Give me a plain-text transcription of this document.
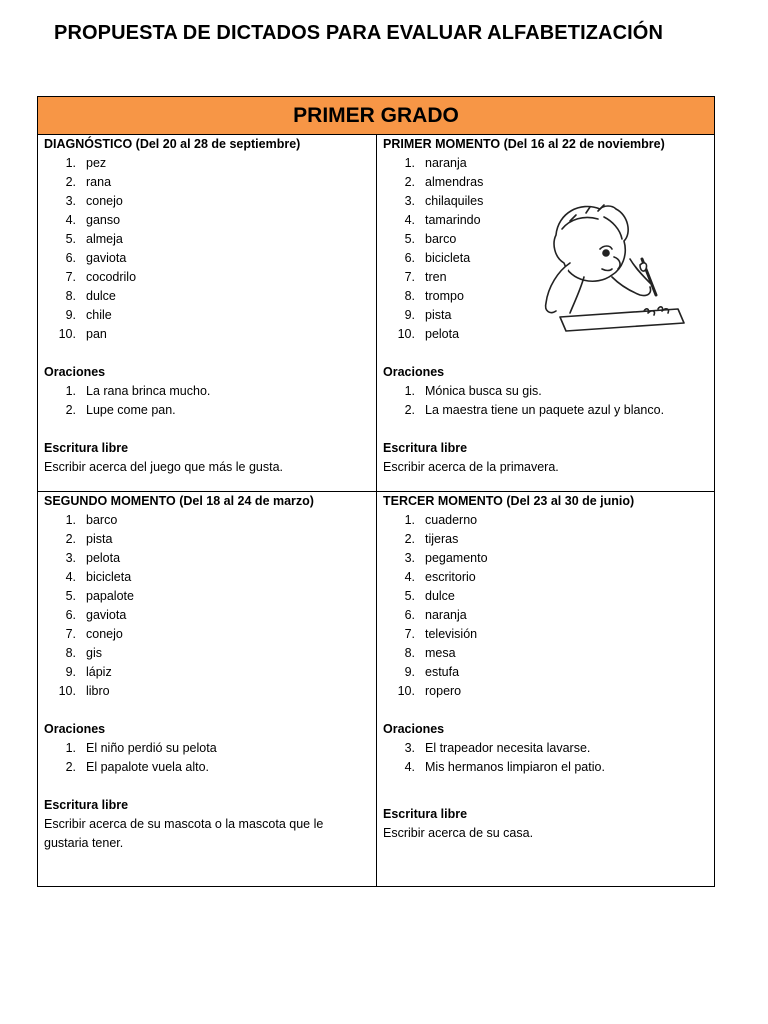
PROPUESTA DE DICTADOS PARA EVALUAR ALFABETIZACIÓN
PRIMER GRADO
DIAGNÓSTICO (Del 20 al 28 de septiembre)
1. pez
2. rana
3. conejo
4. ganso
5. almeja
6. gaviota
7. cocodrilo
8. dulce
9. chile
10. pan
Oraciones
1. La rana brinca mucho.
2. Lupe come pan.
Escritura libre
Escribir acerca del juego que más le gusta.
PRIMER MOMENTO (Del 16 al 22 de noviembre)
1. naranja
2. almendras
3. chilaquiles
4. tamarindo
5. barco
6. bicicleta
7. tren
8. trompo
9. pista
10. pelota
Oraciones
1. Mónica busca su gis.
2. La maestra tiene un paquete azul y blanco.
Escritura libre
Escribir acerca de la primavera.
SEGUNDO MOMENTO (Del 18 al 24 de marzo)
1. barco
2. pista
3. pelota
4. bicicleta
5. papalote
6. gaviota
7. conejo
8. gis
9. lápiz
10. libro
Oraciones
1. El niño perdió su pelota
2. El papalote vuela alto.
Escritura libre
Escribir acerca de su mascota o la mascota que le gustaria tener.
TERCER MOMENTO (Del 23 al 30 de junio)
1. cuaderno
2. tijeras
3. pegamento
4. escritorio
5. dulce
6. naranja
7. televisión
8. mesa
9. estufa
10. ropero
Oraciones
3. El trapeador necesita lavarse.
4. Mis hermanos limpiaron el patio.
Escritura libre
Escribir acerca de su casa.
